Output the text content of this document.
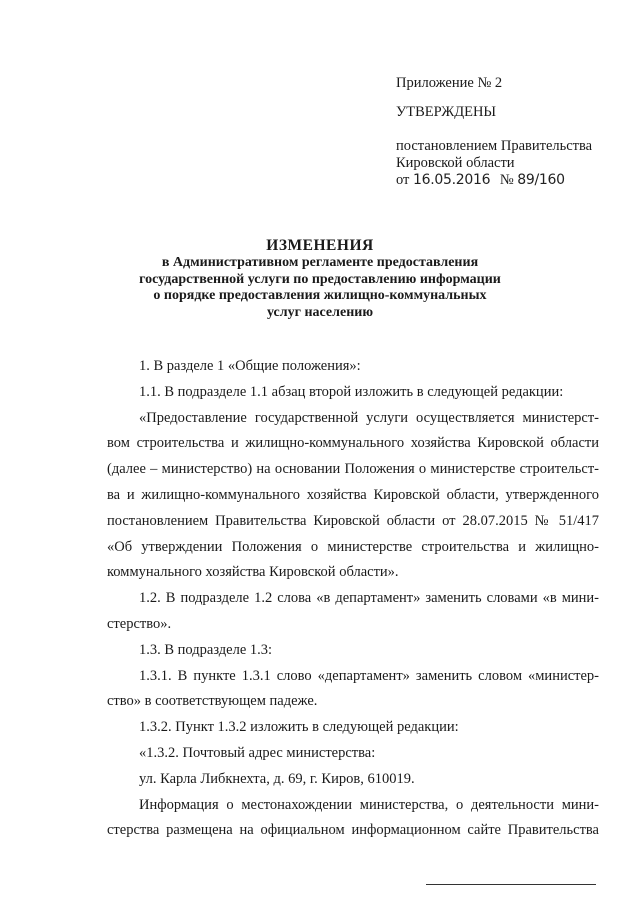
Приложение № 2
УТВЕРЖДЕНЫ
постановлением Правительства
Кировской области
от 16.05.2016 № 89/160
ИЗМЕНЕНИЯ
в Административном регламенте предоставления
государственной услуги по предоставлению информации
о порядке предоставления жилищно-коммунальных
услуг населению
1. В разделе 1 «Общие положения»:
1.1. В подразделе 1.1 абзац второй изложить в следующей редакции:
«Предоставление государственной услуги осуществляется министерст-
вом строительства и жилищно-коммунального хозяйства Кировской области
(далее – министерство) на основании Положения о министерстве строительст-
ва и жилищно-коммунального хозяйства Кировской области, утвержденного
постановлением Правительства Кировской области от 28.07.2015 № 51/417
«Об утверждении Положения о министерстве строительства и жилищно-
коммунального хозяйства Кировской области».
1.2. В подразделе 1.2 слова «в департамент» заменить словами «в мини-
стерство».
1.3. В подразделе 1.3:
1.3.1. В пункте 1.3.1 слово «департамент» заменить словом «министер-
ство» в соответствующем падеже.
1.3.2. Пункт 1.3.2 изложить в следующей редакции:
«1.3.2. Почтовый адрес министерства:
ул. Карла Либкнехта, д. 69, г. Киров, 610019.
Информация о местонахождении министерства, о деятельности мини-
стерства размещена на официальном информационном сайте Правительства
